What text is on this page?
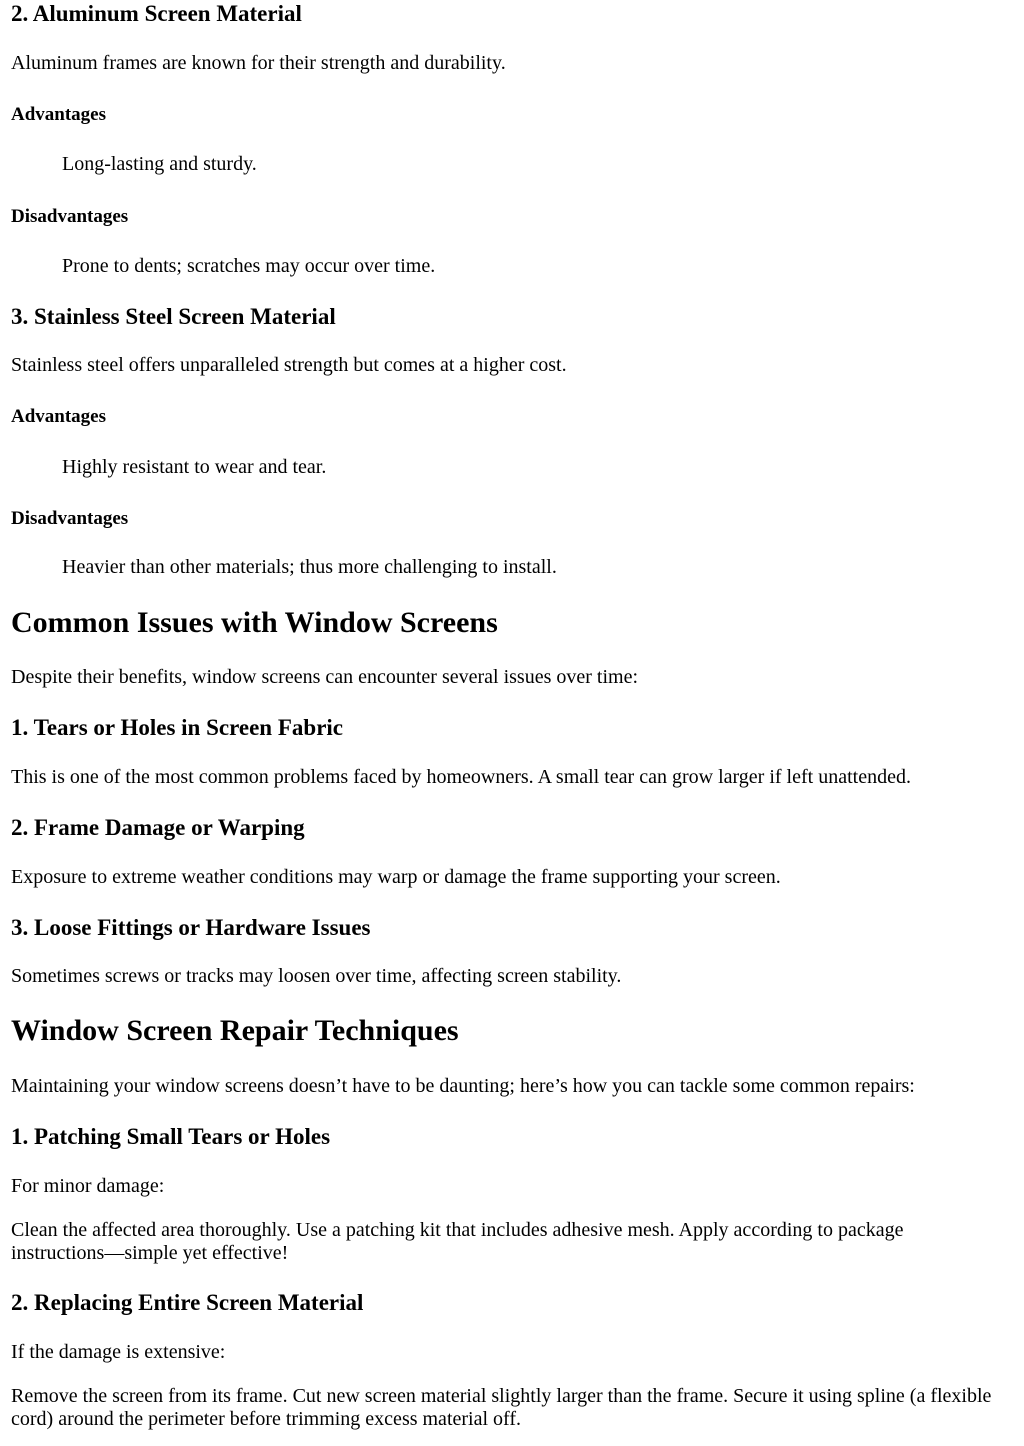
2. Aluminum Screen Material

Aluminum frames are known for their strength and durability.

Advantages

Long-lasting and sturdy.

Disadvantages

Prone to dents; scratches may occur over time.

3. Stainless Steel Screen Material

Stainless steel offers unparalleled strength but comes at a higher cost.

Advantages

Highly resistant to wear and tear.

Disadvantages

Heavier than other materials; thus more challenging to install.

Common Issues with Window Screens

Despite their benefits, window screens can encounter several issues over time:

1. Tears or Holes in Screen Fabric

This is one of the most common problems faced by homeowners. A small tear can grow larger if left unattended.

2. Frame Damage or Warping

Exposure to extreme weather conditions may warp or damage the frame supporting your screen.

3. Loose Fittings or Hardware Issues

Sometimes screws or tracks may loosen over time, affecting screen stability.

Window Screen Repair Techniques

Maintaining your window screens doesn’t have to be daunting; here’s how you can tackle some common repairs:

1. Patching Small Tears or Holes

For minor damage:

Clean the affected area thoroughly. Use a patching kit that includes adhesive mesh. Apply according to package instructions—simple yet effective!

2. Replacing Entire Screen Material

If the damage is extensive:

Remove the screen from its frame. Cut new screen material slightly larger than the frame. Secure it using spline (a flexible cord) around the perimeter before trimming excess material off.
